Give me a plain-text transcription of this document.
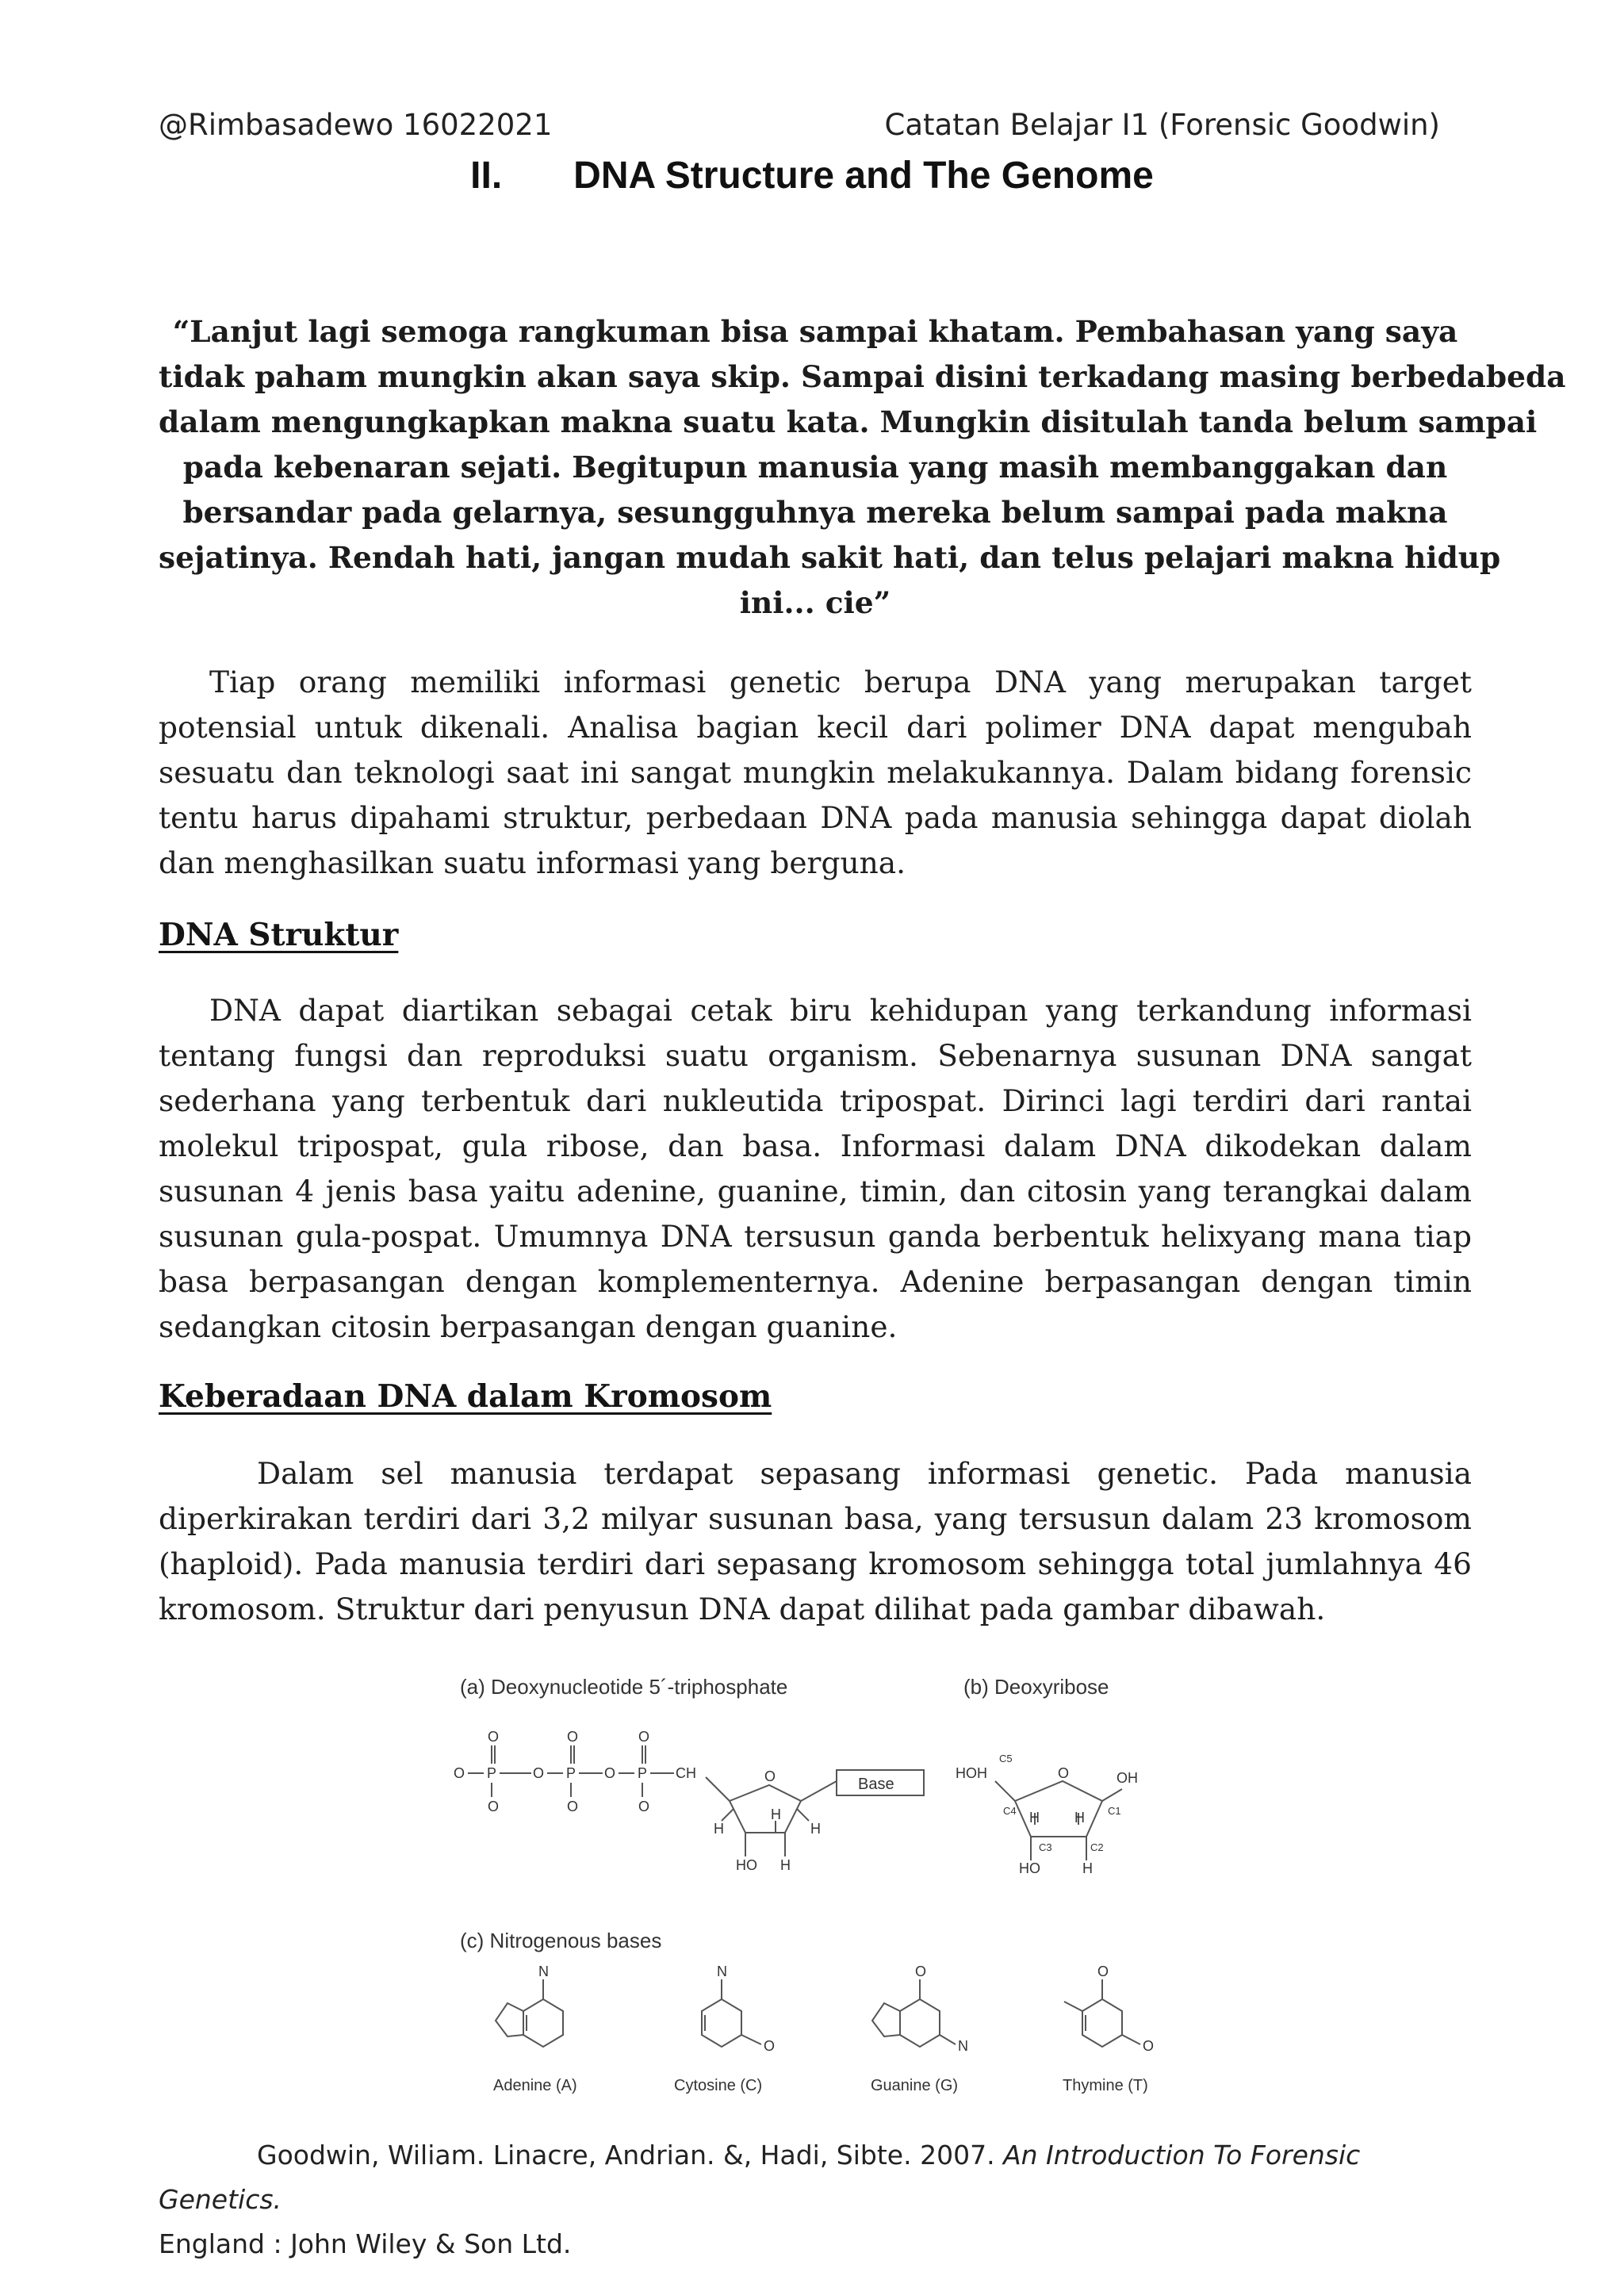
@Rimbasadewo 16022021	Catatan Belajar I1 (Forensic Goodwin)
II. DNA Structure and The Genome
“Lanjut lagi semoga rangkuman bisa sampai khatam. Pembahasan yang saya
tidak paham mungkin akan saya skip. Sampai disini terkadang masing berbedabeda
dalam mengungkapkan makna suatu kata. Mungkin disitulah tanda belum sampai
pada kebenaran sejati. Begitupun manusia yang masih membanggakan dan
bersandar pada gelarnya, sesungguhnya mereka belum sampai pada makna
sejatinya. Rendah hati, jangan mudah sakit hati, dan telus pelajari makna hidup
ini... cie”
Tiap orang memiliki informasi genetic berupa DNA yang merupakan target potensial untuk dikenali. Analisa bagian kecil dari polimer DNA dapat mengubah sesuatu dan teknologi saat ini sangat mungkin melakukannya. Dalam bidang forensic tentu harus dipahami struktur, perbedaan DNA pada manusia sehingga dapat diolah dan menghasilkan suatu informasi yang berguna.
DNA Struktur
DNA dapat diartikan sebagai cetak biru kehidupan yang terkandung informasi tentang fungsi dan reproduksi suatu organism. Sebenarnya susunan DNA sangat sederhana yang terbentuk dari nukleutida tripospat. Dirinci lagi terdiri dari rantai molekul tripospat, gula ribose, dan basa. Informasi dalam DNA dikodekan dalam susunan 4 jenis basa yaitu adenine, guanine, timin, dan citosin yang terangkai dalam susunan gula-pospat. Umumnya DNA tersusun ganda berbentuk helixyang mana tiap basa berpasangan dengan komplementernya. Adenine berpasangan dengan timin sedangkan citosin berpasangan dengan guanine.
Keberadaan DNA dalam Kromosom
Dalam sel manusia terdapat sepasang informasi genetic. Pada manusia diperkirakan terdiri dari 3,2 milyar susunan basa, yang tersusun dalam 23 kromosom (haploid). Pada manusia terdiri dari sepasang kromosom sehingga total jumlahnya 46 kromosom. Struktur dari penyusun DNA dapat dilihat pada gambar dibawah.
(a) Deoxynucleotide 5´-triphosphate	(b) Deoxyribose
(c) Nitrogenous bases
Base
O	O	O
O P	O P O P CH
O	O	O
O
H
H
H
HO H
HOH
C5
O	OH
C4	C1
H H
C3	C2
HO	H
N	N	O	O
O	O
N
Adenine (A)	Cytosine (C)	Guanine (G)	Thymine (T)
Goodwin, Wiliam. Linacre, Andrian. &, Hadi, Sibte. 2007. An Introduction To Forensic Genetics.
England : John Wiley & Son Ltd.
